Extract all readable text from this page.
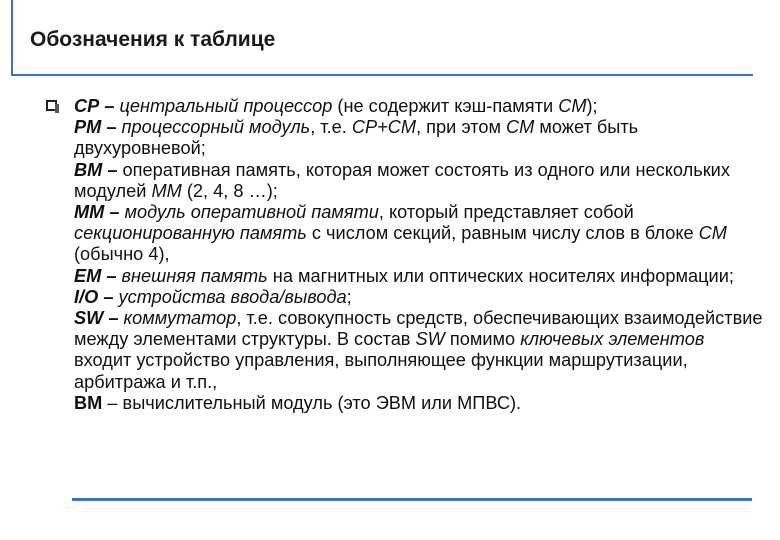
Обозначения к таблице

CP – центральный процессор (не содержит кэш-памяти CM);

PM – процессорный модуль, т.е. CP+CM, при этом CM может быть двухуровневой;

BM – оперативная память, которая может состоять из одного или нескольких модулей MM (2, 4, 8 …);

MM – модуль оперативной памяти, который представляет собой секционированную память с числом секций, равным числу слов в блоке CM (обычно 4),

EM – внешняя память на магнитных или оптических носителях информации;

I/O – устройства ввода/вывода;

SW – коммутатор, т.е. совокупность средств, обеспечивающих взаимодействие между элементами структуры. В состав SW помимо ключевых элементов входит устройство управления, выполняющее функции маршрутизации, арбитража и т.п.,

BM – вычислительный модуль (это ЭВМ или МПВС).
